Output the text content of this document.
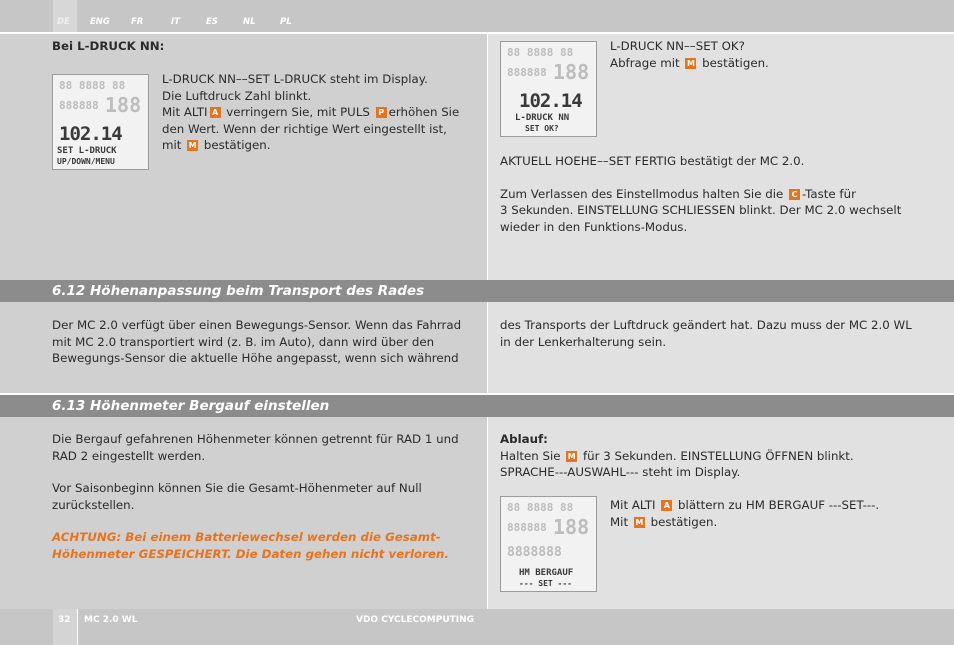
DE ENG FR	IT	ES	NL	PL
Bei L-DRUCK NN:
88 8888 88
188
888888
102.14
SET L-DRUCK
UP/DOWN/MENU
L-DRUCK NN––SET L-DRUCK steht im Display.
Die Luftdruck Zahl blinkt.
Mit ALTI A verringern Sie, mit PULS P erhöhen Sie
den Wert. Wenn der richtige Wert eingestellt ist,
mit M bestätigen.
88 8888 88
188
888888
102.14
L-DRUCK NN
SET OK?
L-DRUCK NN––SET OK?
Abfrage mit M bestätigen.
AKTUELL HOEHE––SET FERTIG bestätigt der MC 2.0.
Zum Verlassen des Einstellmodus halten Sie die C -Taste für
3 Sekunden. EINSTELLUNG SCHLIESSEN blinkt. Der MC 2.0 wechselt
wieder in den Funktions-Modus.
6.12 Höhenanpassung beim Transport des Rades
Der MC 2.0 verfügt über einen Bewegungs-Sensor. Wenn das Fahrrad
mit MC 2.0 transportiert wird (z. B. im Auto), dann wird über den
Bewegungs-Sensor die aktuelle Höhe angepasst, wenn sich während
des Transports der Luftdruck geändert hat. Dazu muss der MC 2.0 WL
in der Lenkerhalterung sein.
6.13 Höhenmeter Bergauf einstellen
Die Bergauf gefahrenen Höhenmeter können getrennt für RAD 1 und
RAD 2 eingestellt werden.
Vor Saisonbeginn können Sie die Gesamt-Höhenmeter auf Null
zurückstellen.
ACHTUNG: Bei einem Batteriewechsel werden die Gesamt-
Höhenmeter GESPEICHERT. Die Daten gehen nicht verloren.
Ablauf:
Halten Sie M für 3 Sekunden. EINSTELLUNG ÖFFNEN blinkt.
SPRACHE---AUSWAHL--- steht im Display.
88 8888 88
188
888888
8888888
HM BERGAUF
--- SET ---
Mit ALTI A blättern zu HM BERGAUF ---SET---.
Mit M bestätigen.
32 MC 2.0 WL	VDO CYCLECOMPUTING
